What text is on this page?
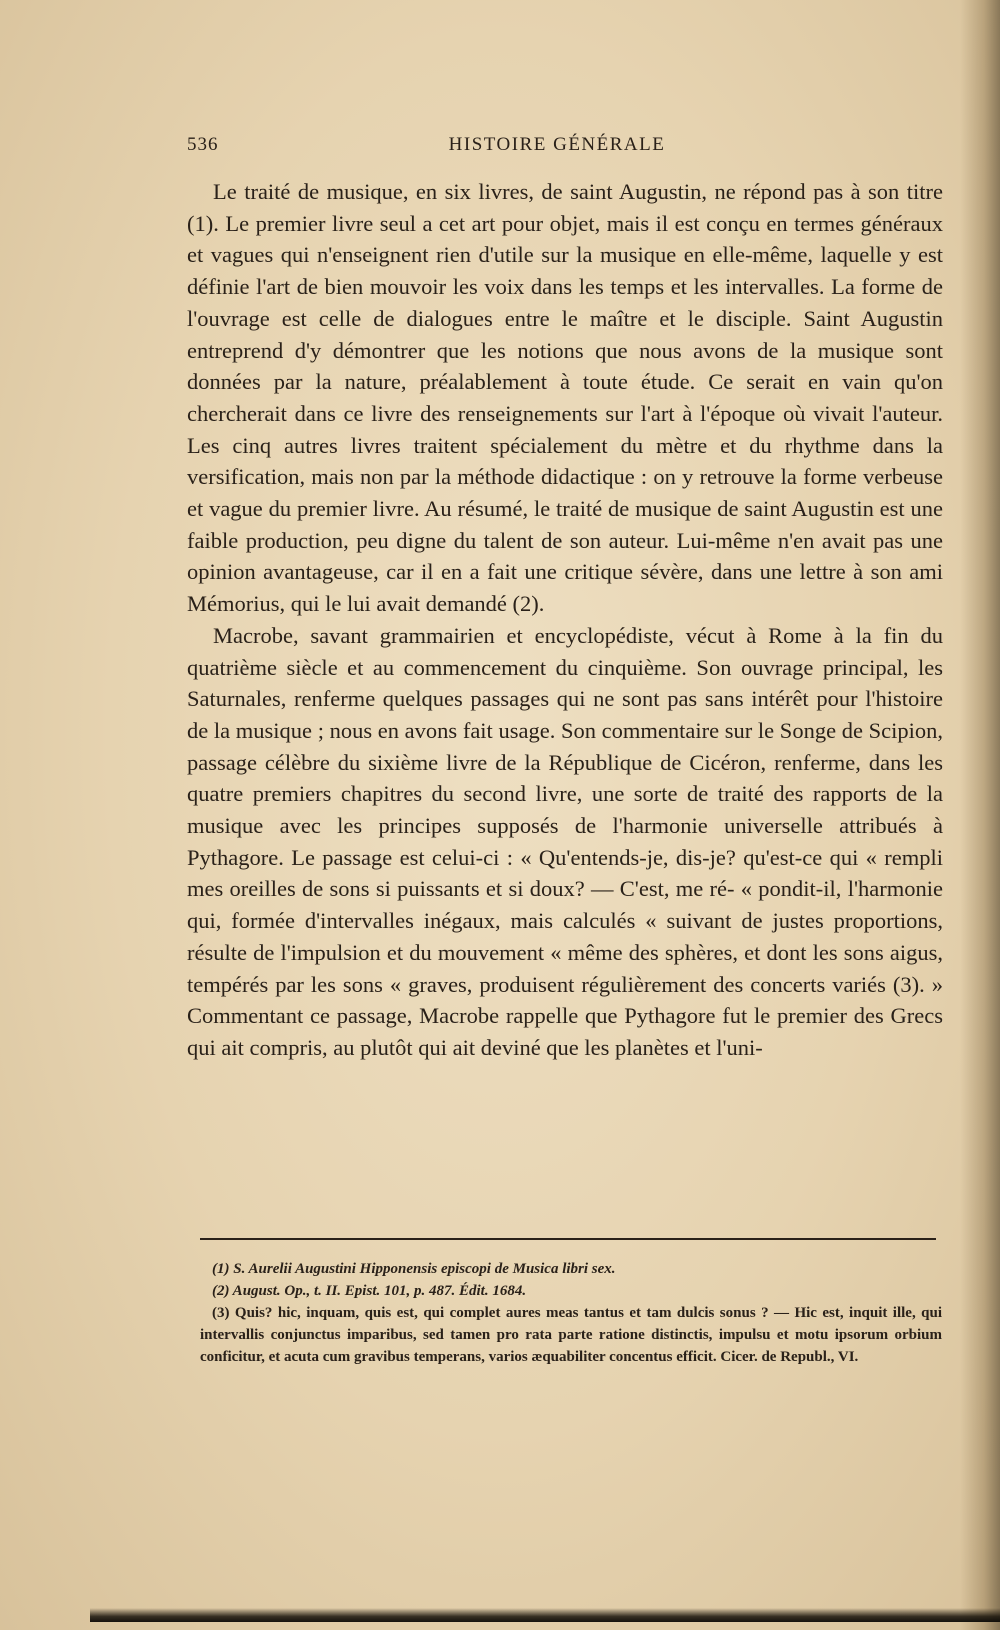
536	HISTOIRE GÉNÉRALE

Le traité de musique, en six livres, de saint Augustin, ne répond pas à son titre (1). Le premier livre seul a cet art pour objet, mais il est conçu en termes généraux et vagues qui n'enseignent rien d'utile sur la musique en elle-même, laquelle y est définie l'art de bien mouvoir les voix dans les temps et les intervalles. La forme de l'ouvrage est celle de dialogues entre le maître et le disciple. Saint Augustin entreprend d'y démontrer que les notions que nous avons de la musique sont données par la nature, préalablement à toute étude. Ce serait en vain qu'on chercherait dans ce livre des renseignements sur l'art à l'époque où vivait l'auteur. Les cinq autres livres traitent spécialement du mètre et du rhythme dans la versification, mais non par la méthode didactique : on y retrouve la forme verbeuse et vague du premier livre. Au résumé, le traité de musique de saint Augustin est une faible production, peu digne du talent de son auteur. Lui-même n'en avait pas une opinion avantageuse, car il en a fait une critique sévère, dans une lettre à son ami Mémorius, qui le lui avait demandé (2).

Macrobe, savant grammairien et encyclopédiste, vécut à Rome à la fin du quatrième siècle et au commencement du cinquième. Son ouvrage principal, les Saturnales, renferme quelques passages qui ne sont pas sans intérêt pour l'histoire de la musique ; nous en avons fait usage. Son commentaire sur le Songe de Scipion, passage célèbre du sixième livre de la République de Cicéron, renferme, dans les quatre premiers chapitres du second livre, une sorte de traité des rapports de la musique avec les principes supposés de l'harmonie universelle attribués à Pythagore. Le passage est celui-ci : « Qu'entends-je, dis-je? qu'est-ce qui « rempli mes oreilles de sons si puissants et si doux? — C'est, me ré- « pondit-il, l'harmonie qui, formée d'intervalles inégaux, mais calculés « suivant de justes proportions, résulte de l'impulsion et du mouvement « même des sphères, et dont les sons aigus, tempérés par les sons « graves, produisent régulièrement des concerts variés (3). » Commentant ce passage, Macrobe rappelle que Pythagore fut le premier des Grecs qui ait compris, au plutôt qui ait deviné que les planètes et l'uni-

(1) S. Aurelii Augustini Hipponensis episcopi de Musica libri sex.

(2) August. Op., t. II. Epist. 101, p. 487. Édit. 1684.

(3) Quis? hic, inquam, quis est, qui complet aures meas tantus et tam dulcis sonus ? — Hic est, inquit ille, qui intervallis conjunctus imparibus, sed tamen pro rata parte ratione distinctis, impulsu et motu ipsorum orbium conficitur, et acuta cum gravibus temperans, varios æquabiliter concentus efficit. Cicer. de Republ., VI.
